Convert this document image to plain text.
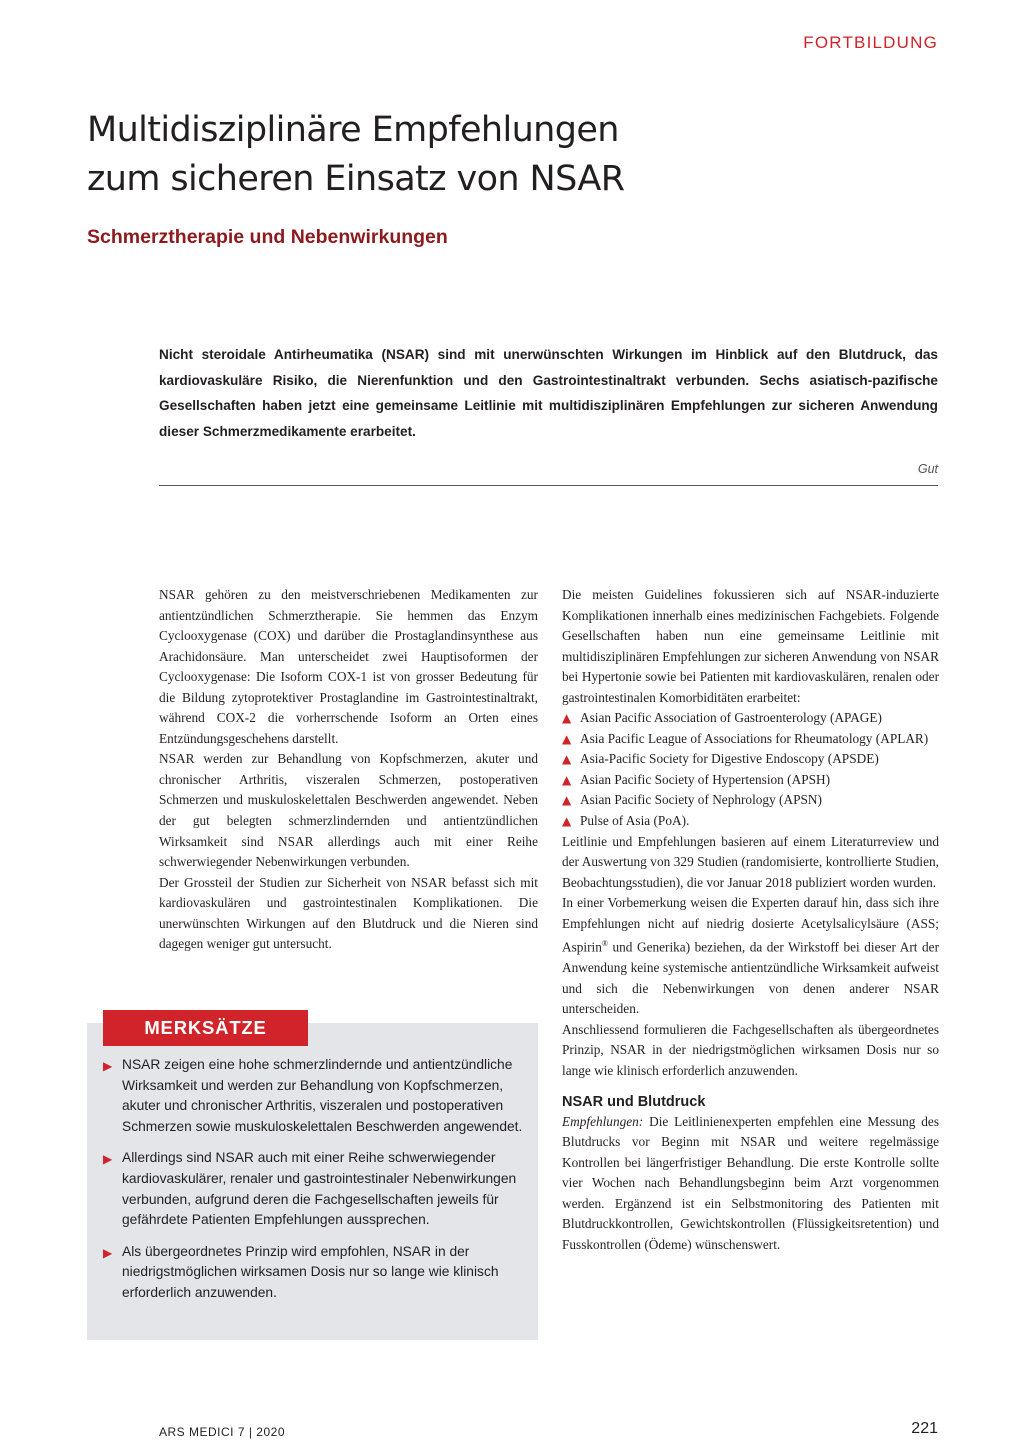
FORTBILDUNG
Multidisziplinäre Empfehlungen
zum sicheren Einsatz von NSAR
Schmerztherapie und Nebenwirkungen

Nicht steroidale Antirheumatika (NSAR) sind mit unerwünschten Wirkungen im Hinblick auf den Blutdruck, das kardiovaskuläre Risiko, die Nierenfunktion und den Gastrointestinaltrakt verbunden. Sechs asiatisch-pazifische Gesellschaften haben jetzt eine gemeinsame Leitlinie mit multidisziplinären Empfehlungen zur sicheren Anwendung dieser Schmerzmedikamente erarbeitet.

Gut

NSAR gehören zu den meistverschriebenen Medikamenten zur antientzündlichen Schmerztherapie. Sie hemmen das Enzym Cyclooxygenase (COX) und darüber die Prostaglandinsynthese aus Arachidonsäure. Man unterscheidet zwei Hauptisoformen der Cyclooxygenase: Die Isoform COX-1 ist von grosser Bedeutung für die Bildung zytoprotektiver Prostaglandine im Gastrointestinaltrakt, während COX-2 die vorherrschende Isoform an Orten eines Entzündungsgeschehens darstellt.

NSAR werden zur Behandlung von Kopfschmerzen, akuter und chronischer Arthritis, viszeralen Schmerzen, postoperativen Schmerzen und muskuloskelettalen Beschwerden angewendet. Neben der gut belegten schmerzlindernden und antientzündlichen Wirksamkeit sind NSAR allerdings auch mit einer Reihe schwerwiegender Nebenwirkungen verbunden.

Der Grossteil der Studien zur Sicherheit von NSAR befasst sich mit kardiovaskulären und gastrointestinalen Komplikationen. Die unerwünschten Wirkungen auf den Blutdruck und die Nieren sind dagegen weniger gut untersucht.

MERKSÄTZE
▶ NSAR zeigen eine hohe schmerzlindernde und antientzündliche Wirksamkeit und werden zur Behandlung von Kopfschmerzen, akuter und chronischer Arthritis, viszeralen und postoperativen Schmerzen sowie muskuloskelettalen Beschwerden angewendet.
▶ Allerdings sind NSAR auch mit einer Reihe schwerwiegender kardiovaskulärer, renaler und gastrointestinaler Nebenwirkungen verbunden, aufgrund deren die Fachgesellschaften jeweils für gefährdete Patienten Empfehlungen aussprechen.
▶ Als übergeordnetes Prinzip wird empfohlen, NSAR in der niedrigstmöglichen wirksamen Dosis nur so lange wie klinisch erforderlich anzuwenden.

Die meisten Guidelines fokussieren sich auf NSAR-induzierte Komplikationen innerhalb eines medizinischen Fachgebiets. Folgende Gesellschaften haben nun eine gemeinsame Leitlinie mit multidisziplinären Empfehlungen zur sicheren Anwendung von NSAR bei Hypertonie sowie bei Patienten mit kardiovaskulären, renalen oder gastrointestinalen Komorbiditäten erarbeitet:

▲ Asian Pacific Association of Gastroenterology (APAGE)
▲ Asia Pacific League of Associations for Rheumatology (APLAR)
▲ Asia-Pacific Society for Digestive Endoscopy (APSDE)
▲ Asian Pacific Society of Hypertension (APSH)
▲ Asian Pacific Society of Nephrology (APSN)
▲ Pulse of Asia (PoA).

Leitlinie und Empfehlungen basieren auf einem Literaturreview und der Auswertung von 329 Studien (randomisierte, kontrollierte Studien, Beobachtungsstudien), die vor Januar 2018 publiziert worden wurden.

In einer Vorbemerkung weisen die Experten darauf hin, dass sich ihre Empfehlungen nicht auf niedrig dosierte Acetylsalicylsäure (ASS; Aspirin® und Generika) beziehen, da der Wirkstoff bei dieser Art der Anwendung keine systemische antientzündliche Wirksamkeit aufweist und sich die Nebenwirkungen von denen anderer NSAR unterscheiden.

Anschliessend formulieren die Fachgesellschaften als übergeordnetes Prinzip, NSAR in der niedrigstmöglichen wirksamen Dosis nur so lange wie klinisch erforderlich anzuwenden.

NSAR und Blutdruck

Empfehlungen: Die Leitlinienexperten empfehlen eine Messung des Blutdrucks vor Beginn mit NSAR und weitere regelmässige Kontrollen bei längerfristiger Behandlung. Die erste Kontrolle sollte vier Wochen nach Behandlungsbeginn beim Arzt vorgenommen werden. Ergänzend ist ein Selbstmonitoring des Patienten mit Blutdruckkontrollen, Gewichtskontrollen (Flüssigkeitsretention) und Fusskontrollen (Ödeme) wünschenswert.

ARS MEDICI 7 | 2020	221
